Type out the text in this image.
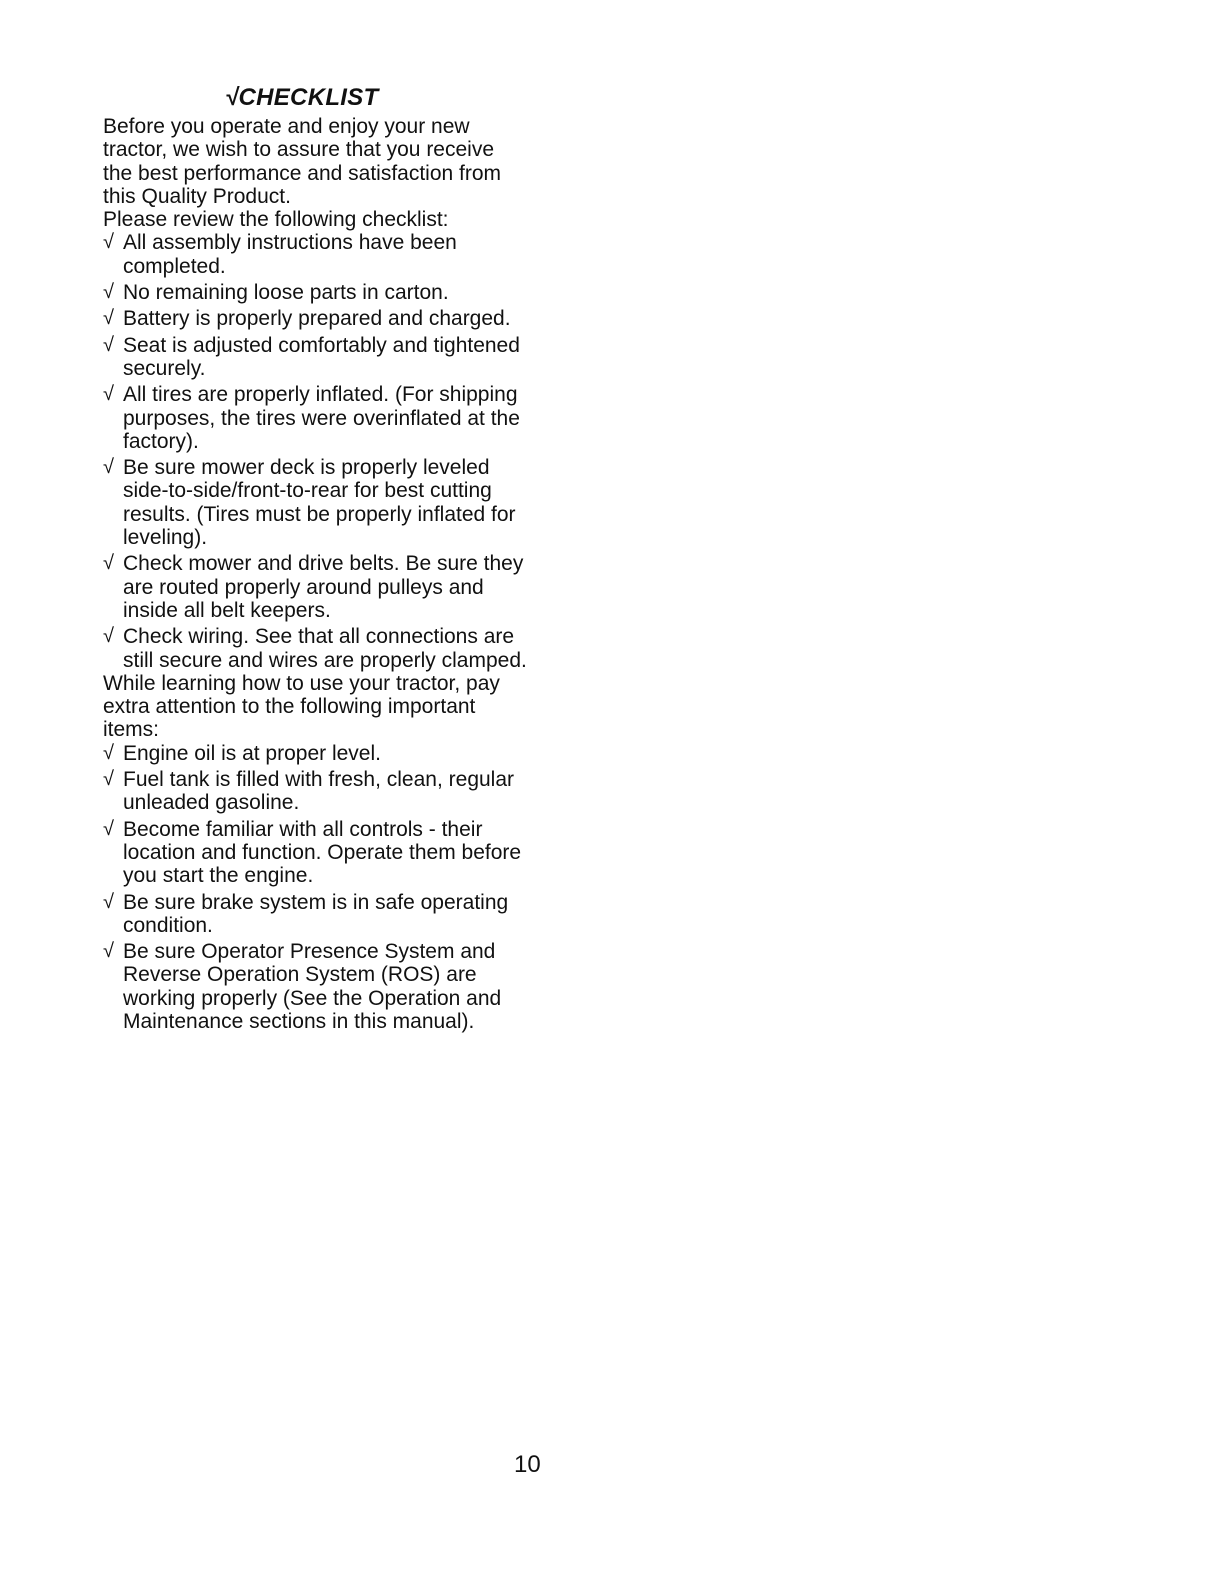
√CHECKLIST

Before you operate and enjoy your new tractor, we wish to assure that you receive the best performance and satisfaction from this Quality Product.

Please review the following checklist:

√ All assembly instructions have been completed.
√ No remaining loose parts in carton.
√ Battery is properly prepared and charged.
√ Seat is adjusted comfortably and tightened securely.
√ All tires are properly inflated. (For shipping purposes, the tires were overinflated at the factory).
√ Be sure mower deck is properly leveled side-to-side/front-to-rear for best cutting results. (Tires must be properly inflated for leveling).
√ Check mower and drive belts. Be sure they are routed properly around pulleys and inside all belt keepers.
√ Check wiring. See that all connections are still secure and wires are properly clamped.

While learning how to use your tractor, pay extra attention to the following important items:

√ Engine oil is at proper level.
√ Fuel tank is filled with fresh, clean, regular unleaded gasoline.
√ Become familiar with all controls - their location and function. Operate them before you start the engine.
√ Be sure brake system is in safe operating condition.
√ Be sure Operator Presence System and Reverse Operation System (ROS) are working properly (See the Operation and Maintenance sections in this manual).
10
